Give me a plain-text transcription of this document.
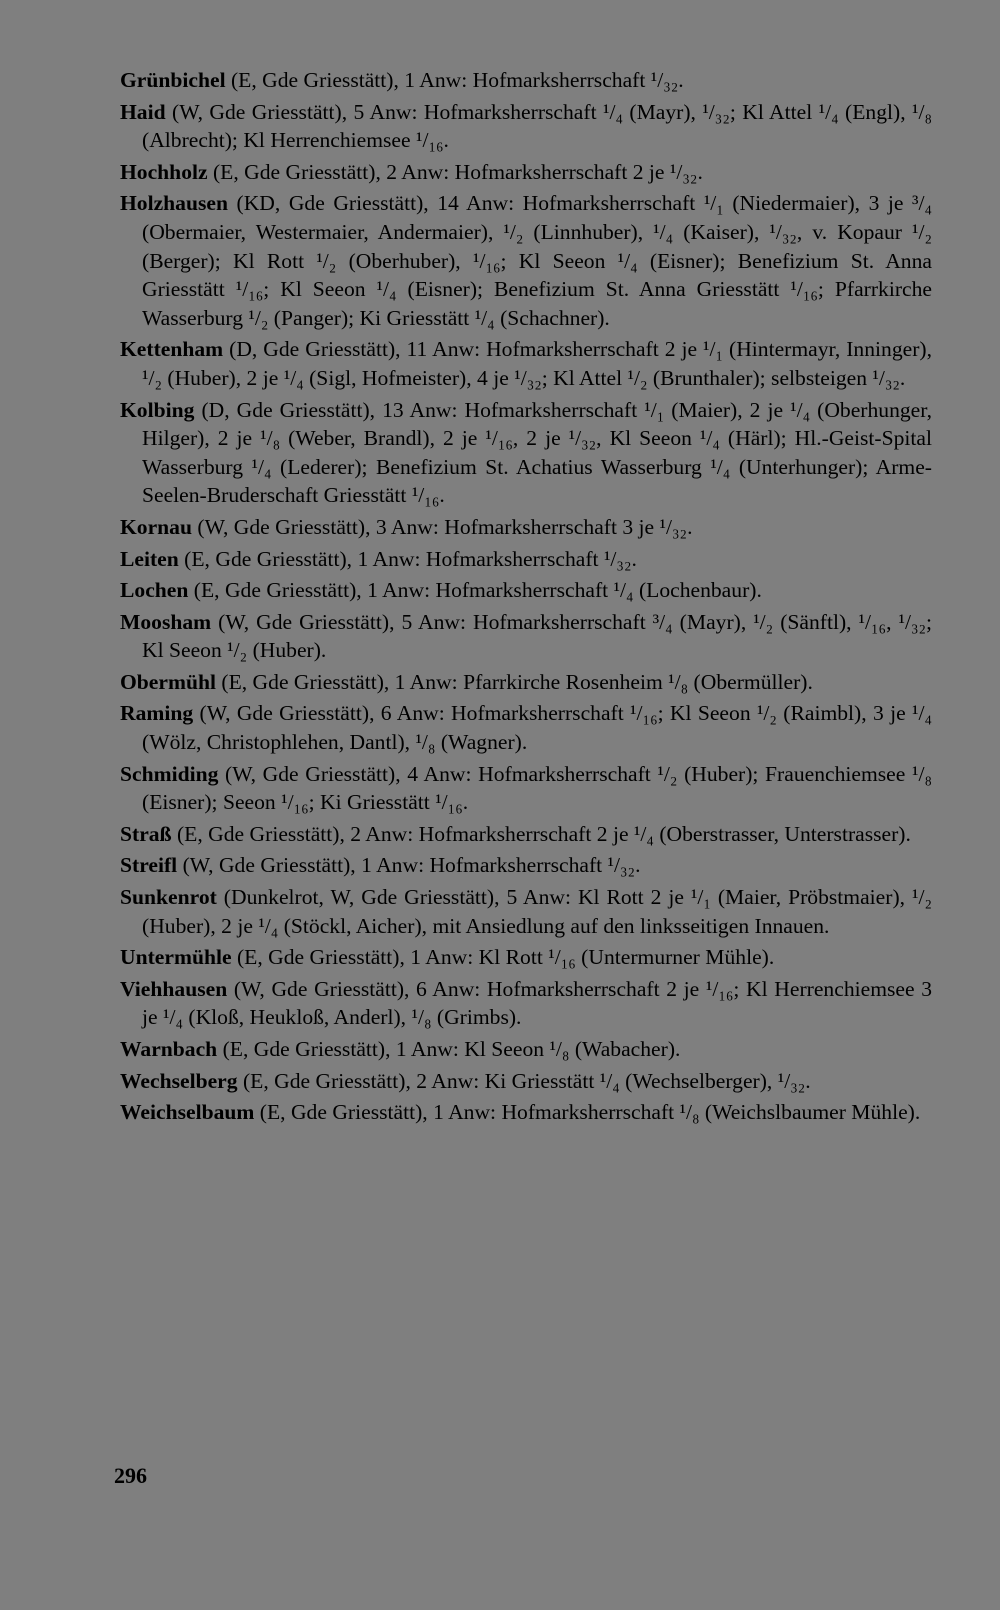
Grünbichel (E, Gde Griesstätt), 1 Anw: Hofmarksherrschaft ¹/₃₂.

Haid (W, Gde Griesstätt), 5 Anw: Hofmarksherrschaft ¹/₄ (Mayr), ¹/₃₂; Kl Attel ¹/₄ (Engl), ¹/₈ (Albrecht); Kl Herrenchiemsee ¹/₁₆.

Hochholz (E, Gde Griesstätt), 2 Anw: Hofmarksherrschaft 2 je ¹/₃₂.

Holzhausen (KD, Gde Griesstätt), 14 Anw: Hofmarksherrschaft ¹/₁ (Niedermaier), 3 je ³/₄ (Obermaier, Westermaier, Andermaier), ¹/₂ (Linnhuber), ¹/₄ (Kaiser), ¹/₃₂, v. Kopaur ¹/₂ (Berger); Kl Rott ¹/₂ (Oberhuber), ¹/₁₆; Kl Seeon ¹/₄ (Eisner); Benefizium St. Anna Griesstätt ¹/₁₆; Kl Seeon ¹/₄ (Eisner); Benefizium St. Anna Griesstätt ¹/₁₆; Pfarrkirche Wasserburg ¹/₂ (Panger); Ki Griesstätt ¹/₄ (Schachner).

Kettenham (D, Gde Griesstätt), 11 Anw: Hofmarksherrschaft 2 je ¹/₁ (Hintermayr, Inninger), ¹/₂ (Huber), 2 je ¹/₄ (Sigl, Hofmeister), 4 je ¹/₃₂; Kl Attel ¹/₂ (Brunthaler); selbsteigen ¹/₃₂.

Kolbing (D, Gde Griesstätt), 13 Anw: Hofmarksherrschaft ¹/₁ (Maier), 2 je ¹/₄ (Oberhunger, Hilger), 2 je ¹/₈ (Weber, Brandl), 2 je ¹/₁₆, 2 je ¹/₃₂, Kl Seeon ¹/₄ (Härl); Hl.-Geist-Spital Wasserburg ¹/₄ (Lederer); Benefizium St. Achatius Wasserburg ¹/₄ (Unterhunger); Arme-Seelen-Bruderschaft Griesstätt ¹/₁₆.

Kornau (W, Gde Griesstätt), 3 Anw: Hofmarksherrschaft 3 je ¹/₃₂.

Leiten (E, Gde Griesstätt), 1 Anw: Hofmarksherrschaft ¹/₃₂.

Lochen (E, Gde Griesstätt), 1 Anw: Hofmarksherrschaft ¹/₄ (Lochenbaur).

Moosham (W, Gde Griesstätt), 5 Anw: Hofmarksherrschaft ³/₄ (Mayr), ¹/₂ (Sänftl), ¹/₁₆, ¹/₃₂; Kl Seeon ¹/₂ (Huber).

Obermühl (E, Gde Griesstätt), 1 Anw: Pfarrkirche Rosenheim ¹/₈ (Obermüller).

Raming (W, Gde Griesstätt), 6 Anw: Hofmarksherrschaft ¹/₁₆; Kl Seeon ¹/₂ (Raimbl), 3 je ¹/₄ (Wölz, Christophlehen, Dantl), ¹/₈ (Wagner).

Schmiding (W, Gde Griesstätt), 4 Anw: Hofmarksherrschaft ¹/₂ (Huber); Frauenchiemsee ¹/₈ (Eisner); Seeon ¹/₁₆; Ki Griesstätt ¹/₁₆.

Straß (E, Gde Griesstätt), 2 Anw: Hofmarksherrschaft 2 je ¹/₄ (Oberstrasser, Unterstrasser).

Streifl (W, Gde Griesstätt), 1 Anw: Hofmarksherrschaft ¹/₃₂.

Sunkenrot (Dunkelrot, W, Gde Griesstätt), 5 Anw: Kl Rott 2 je ¹/₁ (Maier, Pröbstmaier), ¹/₂ (Huber), 2 je ¹/₄ (Stöckl, Aicher), mit Ansiedlung auf den linksseitigen Innauen.

Untermühle (E, Gde Griesstätt), 1 Anw: Kl Rott ¹/₁₆ (Untermurner Mühle).

Viehhausen (W, Gde Griesstätt), 6 Anw: Hofmarksherrschaft 2 je ¹/₁₆; Kl Herrenchiemsee 3 je ¹/₄ (Kloß, Heukloß, Anderl), ¹/₈ (Grimbs).

Warnbach (E, Gde Griesstätt), 1 Anw: Kl Seeon ¹/₈ (Wabacher).

Wechselberg (E, Gde Griesstätt), 2 Anw: Ki Griesstätt ¹/₄ (Wechselberger), ¹/₃₂.

Weichselbaum (E, Gde Griesstätt), 1 Anw: Hofmarksherrschaft ¹/₈ (Weichslbaumer Mühle).

296
